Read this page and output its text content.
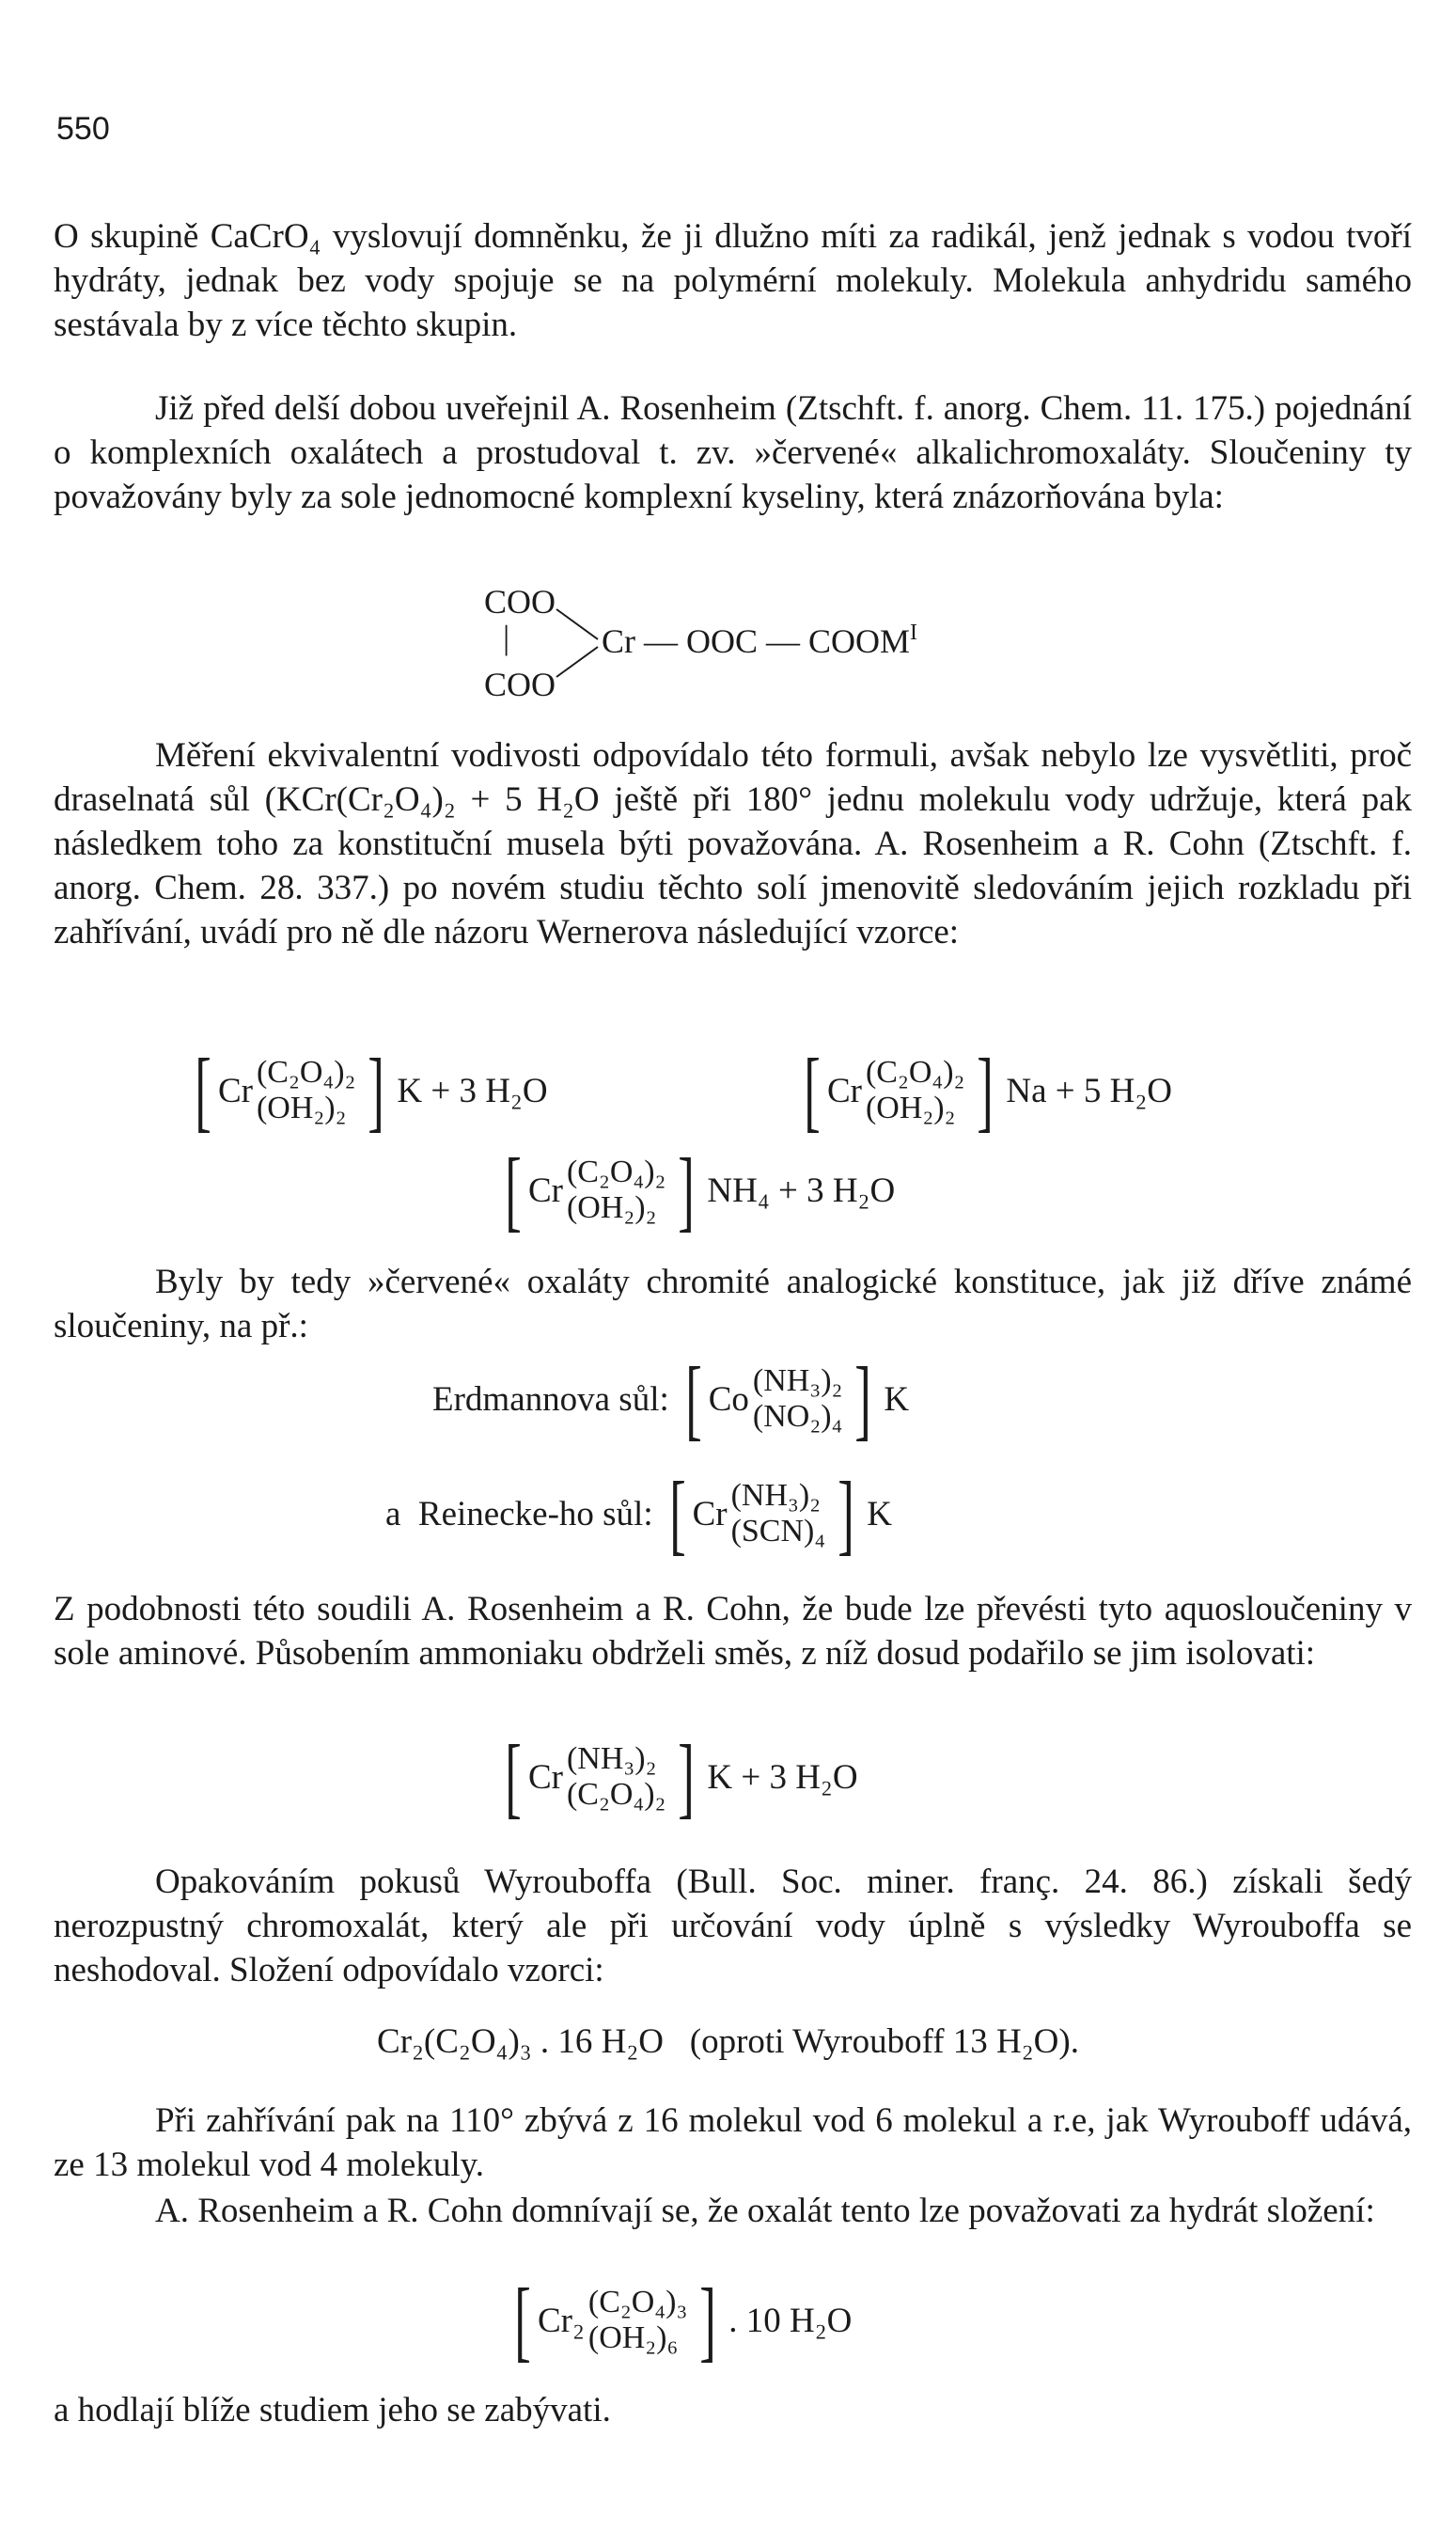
550

O skupině CaCrO₄ vyslovují domněnku, že ji dlužno míti za radikál, jenž jednak s vodou tvoří hydráty, jednak bez vody spojuje se na polymérní molekuly. Molekula anhydridu samého sestávala by z více těchto skupin.

Již před delší dobou uveřejnil A. Rosenheim (Ztschft. f. anorg. Chem. 11. 175.) pojednání o komplexních oxalátech a prostudoval t. zv. »červené« alkalichromoxaláty. Sloučeniny ty považovány byly za sole jednomocné komplexní kyseliny, která znázorňována byla:

COO
|
COO
Cr — OOC — $COOM^I$

Měření ekvivalentní vodivosti odpovídalo této formuli, avšak nebylo lze vysvětliti, proč draselnatá sůl (KCr(Cr₂O₄)₂ + 5 H₂O ještě při 180° jednu molekulu vody udržuje, která pak následkem toho za konstituční musela býti považována. A. Rosenheim a R. Cohn (Ztschft. f. anorg. Chem. 28. 337.) po novém studiu těchto solí jmenovitě sledováním jejich rozkladu při zahřívání, uvádí pro ně dle názoru Wernerova následující vzorce:

[ Cr (C₂O₄)₂
(OH₂)₂ ] K + 3 H₂O	[ Cr (C₂O₄)₂
(OH₂)₂ ] Na + 5 H₂O
[ Cr (C₂O₄)₂
(OH₂)₂ ] NH₄ + 3 H₂O

Byly by tedy »červené« oxaláty chromité analogické konstituce, jak již dříve známé sloučeniny, na př.:

Erdmannova sůl: [ Co (NH₃)₂
(NO₂)₄ ] K
a  Reinecke-ho sůl: [ Cr (NH₃)₂
(SCN)₄ ] K

Z podobnosti této soudili A. Rosenheim a R. Cohn, že bude lze převésti tyto aquosloučeniny v sole aminové. Působením ammoniaku obdrželi směs, z níž dosud podařilo se jim isolovati:

[ Cr (NH₃)₂
(C₂O₄)₂ ] K + 3 H₂O

Opakováním pokusů Wyrouboffa (Bull. Soc. miner. franç. 24. 86.) získali šedý nerozpustný chromoxalát, který ale při určování vody úplně s výsledky Wyrouboffa se neshodoval. Složení odpovídalo vzorci:

Cr₂(C₂O₄)₃ . 16 H₂O   (oproti Wyrouboff 13 H₂O).

Při zahřívání pak na 110° zbývá z 16 molekul vod 6 molekul a r.e, jak Wyrouboff udává, ze 13 molekul vod 4 molekuly.

A. Rosenheim a R. Cohn domnívají se, že oxalát tento lze považovati za hydrát složení:

[ Cr₂ (C₂O₄)₃
(OH₂)₆ ] . 10 H₂O

a hodlají blíže studiem jeho se zabývati.
